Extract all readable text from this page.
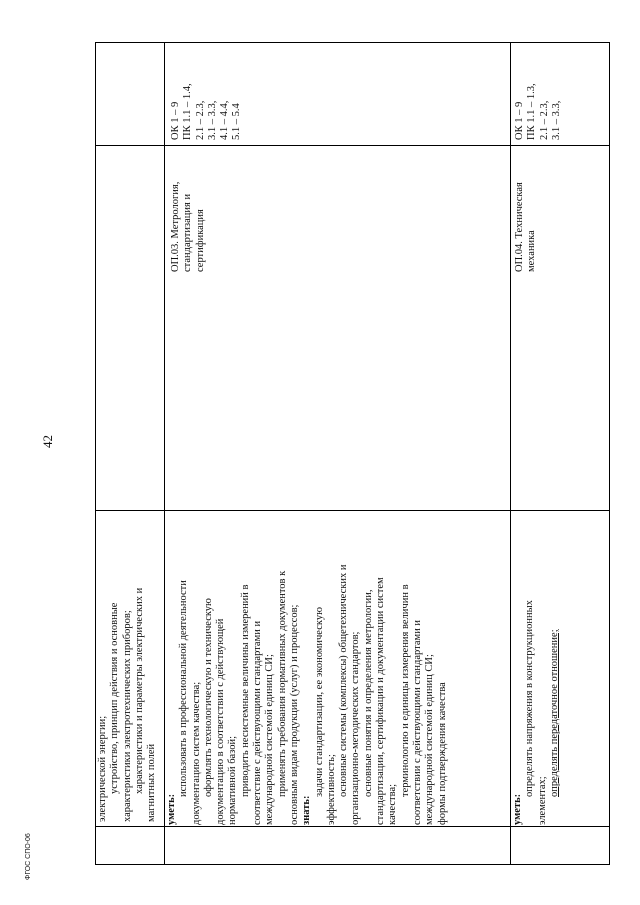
42
электрической энергии; устройство, принцип действия и основные характеристики электротехнических приборов; характеристики и параметры электрических и магнитных полей уметь:
использовать в профессиональной деятельности документацию систем качества; оформлять технологическую и техническую документацию в соответствии с действующей нормативной базой; приводить несистемные величины измерений в соответствие с действующими стандартами и международной системой единиц СИ; применять требования нормативных документов к основным видам продукции (услуг) и процессов; знать:
задачи стандартизации, ее экономическую эффективность; основные системы (комплексы) общетехнических и организационно-методических стандартов; основные понятия и определения метрологии, стандартизации, сертификации и документации систем качества;
терминологию и единицы измерения величин в соответствии с действующими стандартами и международной системой единиц СИ; формы подтверждения качества
ОП.03. Метрология, стандартизация и сертификация
ОК 1 – 9 ПК 1.1 – 1.4, 2.1 – 2.3, 3.1 – 3.3, 4.1 – 4.4, 5.1 – 5.4
уметь:
определять напряжения в конструкционных
элементах;
определять передаточное отношение;
ОП.04. Техническая механика
ОК 1 – 9 ПК 1.1 – 1.3, 2.1 – 2.3, 3.1 – 3.3,
ФГОС СПО-06
